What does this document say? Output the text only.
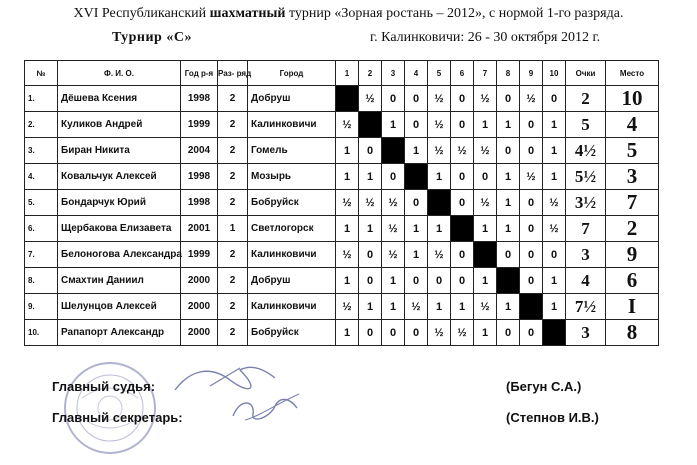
XVI Республиканский шахматный турнир «Зорная ростань – 2012», с нормой 1-го разряда.
Турнир «С»	г. Калинковичи: 26 - 30 октября 2012 г.
№	Ф. И. О.	Год р-я	Раз- ряд	Город	1	2	3	4	5	6	7	8	9	10	Очки	Место
1.	Дёшева Ксения	1998	2	Добруш		½	0	0	½	0	½	0	½	0	2	10
2.	Куликов Андрей	1999	2	Калинковичи	½		1	0	½	0	1	1	0	1	5	4
3.	Биран Никита	2004	2	Гомель	1	0		1	½	½	½	0	0	1	4½	5
4.	Ковальчук Алексей	1998	2	Мозырь	1	1	0		1	0	0	1	½	1	5½	3
5.	Бондарчук Юрий	1998	2	Бобруйск	½	½	½	0		0	½	1	0	½	3½	7
6.	Щербакова Елизавета	2001	1	Светлогорск	1	1	½	1	1		1	1	0	½	7	2
7.	Белоногова Александра	1999	2	Калинковичи	½	0	½	1	½	0		0	0	0	3	9
8.	Смахтин Даниил	2000	2	Добруш	1	0	1	0	0	0	1		0	1	4	6
9.	Шелунцов Алексей	2000	2	Калинковичи	½	1	1	½	1	1	½	1		1	7½	I
10.	Рапапорт Александр	2000	2	Бобруйск	1	0	0	0	½	½	1	0	0		3	8
Главный судья:	(Бегун С.А.)
Главный секретарь:	(Степнов И.В.)
